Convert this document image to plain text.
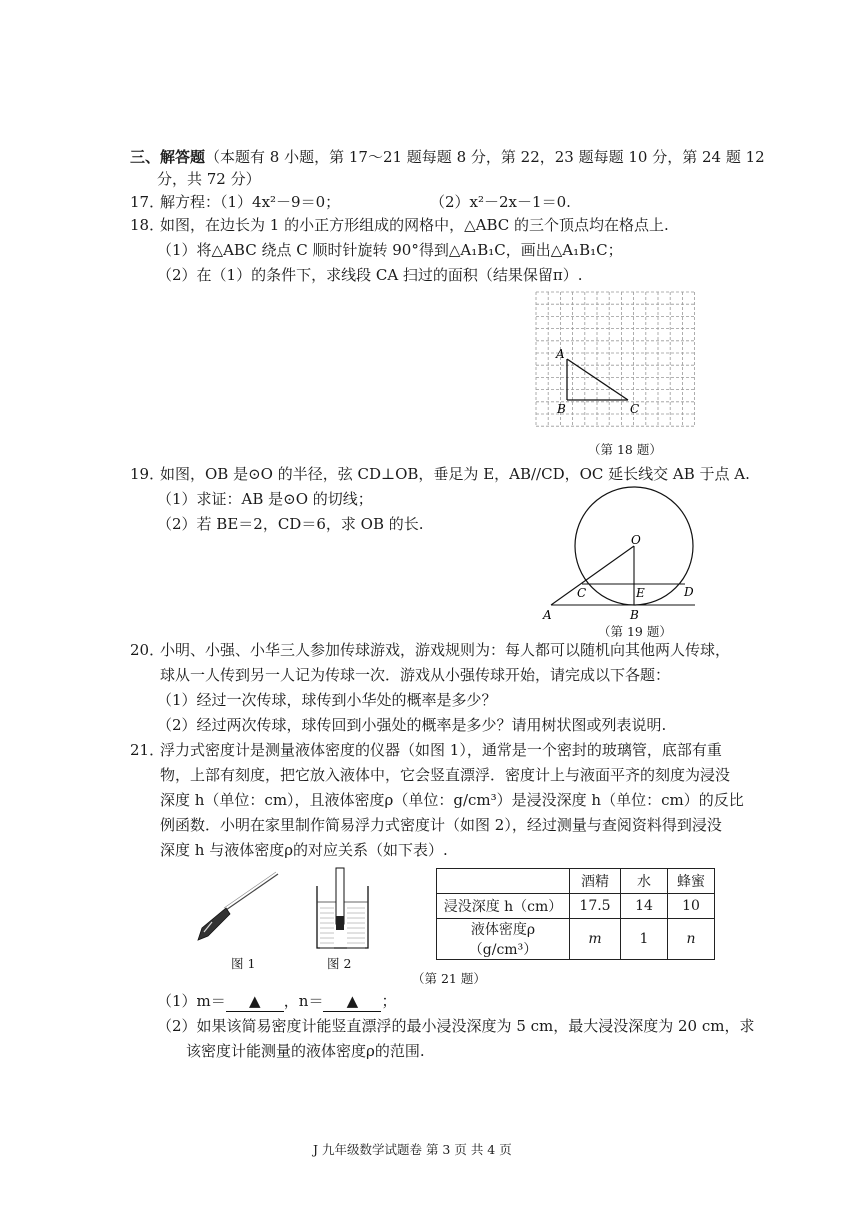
三、解答题（本题有 8 小题，第 17～21 题每题 8 分，第 22，23 题每题 10 分，第 24 题 12
分，共 72 分）
17．
解方程：（1）4x²－9＝0；	（2）x²－2x－1＝0.
18．
如图，在边长为 1 的小正方形组成的网格中，△ABC 的三个顶点均在格点上.
（1）将△ABC 绕点 C 顺时针旋转 90°得到△A₁B₁C，画出△A₁B₁C；
（2）在（1）的条件下，求线段 CA 扫过的面积（结果保留π）.
A
B	C
（第 18 题）
19．
如图，OB 是⊙O 的半径，弦 CD⊥OB，垂足为 E，AB//CD，OC 延长线交 AB 于点 A.
（1）求证：AB 是⊙O 的切线；
（2）若 BE＝2，CD＝6，求 OB 的长.
O
C	E	D
A	B
（第 19 题）
20．
小明、小强、小华三人参加传球游戏，游戏规则为：每人都可以随机向其他两人传球，
球从一人传到另一人记为传球一次．游戏从小强传球开始，请完成以下各题：
（1）经过一次传球，球传到小华处的概率是多少？
（2）经过两次传球，球传回到小强处的概率是多少？请用树状图或列表说明.
21．
浮力式密度计是测量液体密度的仪器（如图 1），通常是一个密封的玻璃管，底部有重
物，上部有刻度，把它放入液体中，它会竖直漂浮．密度计上与液面平齐的刻度为浸没
深度 h（单位：cm），且液体密度ρ（单位：g/cm³）是浸没深度 h（单位：cm）的反比
例函数．小明在家里制作简易浮力式密度计（如图 2），经过测量与查阅资料得到浸没
深度 h 与液体密度ρ的对应关系（如下表）.
图 1	图 2
	酒精	水	蜂蜜
浸没深度 h（cm）	17.5	14	10
液体密度ρ（g/cm³）	m	1	n
（第 21 题）
（1）m＝ ▲ ，n＝ ▲ ；
（2）如果该简易密度计能竖直漂浮的最小浸没深度为 5 cm，最大浸没深度为 20 cm，求
该密度计能测量的液体密度ρ的范围.
J 九年级数学试题卷 第 3 页 共 4 页
